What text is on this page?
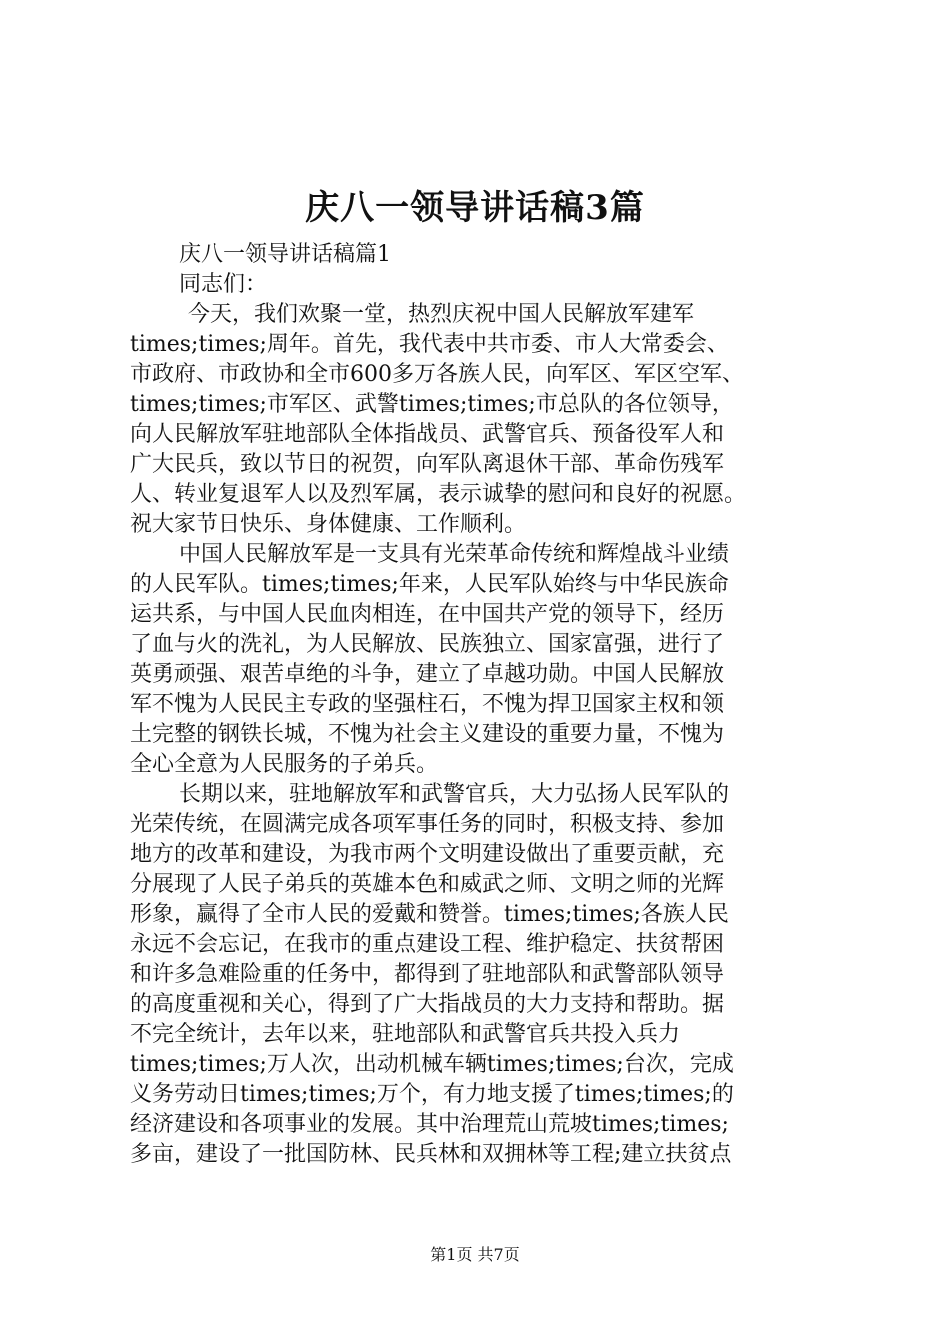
庆八一领导讲话稿3篇
庆八一领导讲话稿篇1
同志们：
今天，我们欢聚一堂，热烈庆祝中国人民解放军建军
times;times;周年。首先，我代表中共市委、市人大常委会、
市政府、市政协和全市600多万各族人民，向军区、军区空军、
times;times;市军区、武警times;times;市总队的各位领导，
向人民解放军驻地部队全体指战员、武警官兵、预备役军人和
广大民兵，致以节日的祝贺，向军队离退休干部、革命伤残军
人、转业复退军人以及烈军属，表示诚挚的慰问和良好的祝愿。
祝大家节日快乐、身体健康、工作顺利。
中国人民解放军是一支具有光荣革命传统和辉煌战斗业绩
的人民军队。times;times;年来，人民军队始终与中华民族命
运共系，与中国人民血肉相连，在中国共产党的领导下，经历
了血与火的洗礼，为人民解放、民族独立、国家富强，进行了
英勇顽强、艰苦卓绝的斗争，建立了卓越功勋。中国人民解放
军不愧为人民民主专政的坚强柱石，不愧为捍卫国家主权和领
土完整的钢铁长城，不愧为社会主义建设的重要力量，不愧为
全心全意为人民服务的子弟兵。
长期以来，驻地解放军和武警官兵，大力弘扬人民军队的
光荣传统，在圆满完成各项军事任务的同时，积极支持、参加
地方的改革和建设，为我市两个文明建设做出了重要贡献，充
分展现了人民子弟兵的英雄本色和威武之师、文明之师的光辉
形象，赢得了全市人民的爱戴和赞誉。times;times;各族人民
永远不会忘记，在我市的重点建设工程、维护稳定、扶贫帮困
和许多急难险重的任务中，都得到了驻地部队和武警部队领导
的高度重视和关心，得到了广大指战员的大力支持和帮助。据
不完全统计，去年以来，驻地部队和武警官兵共投入兵力
times;times;万人次，出动机械车辆times;times;台次，完成
义务劳动日times;times;万个，有力地支援了times;times;的
经济建设和各项事业的发展。其中治理荒山荒坡times;times;
多亩，建设了一批国防林、民兵林和双拥林等工程;建立扶贫点
第1页 共7页
